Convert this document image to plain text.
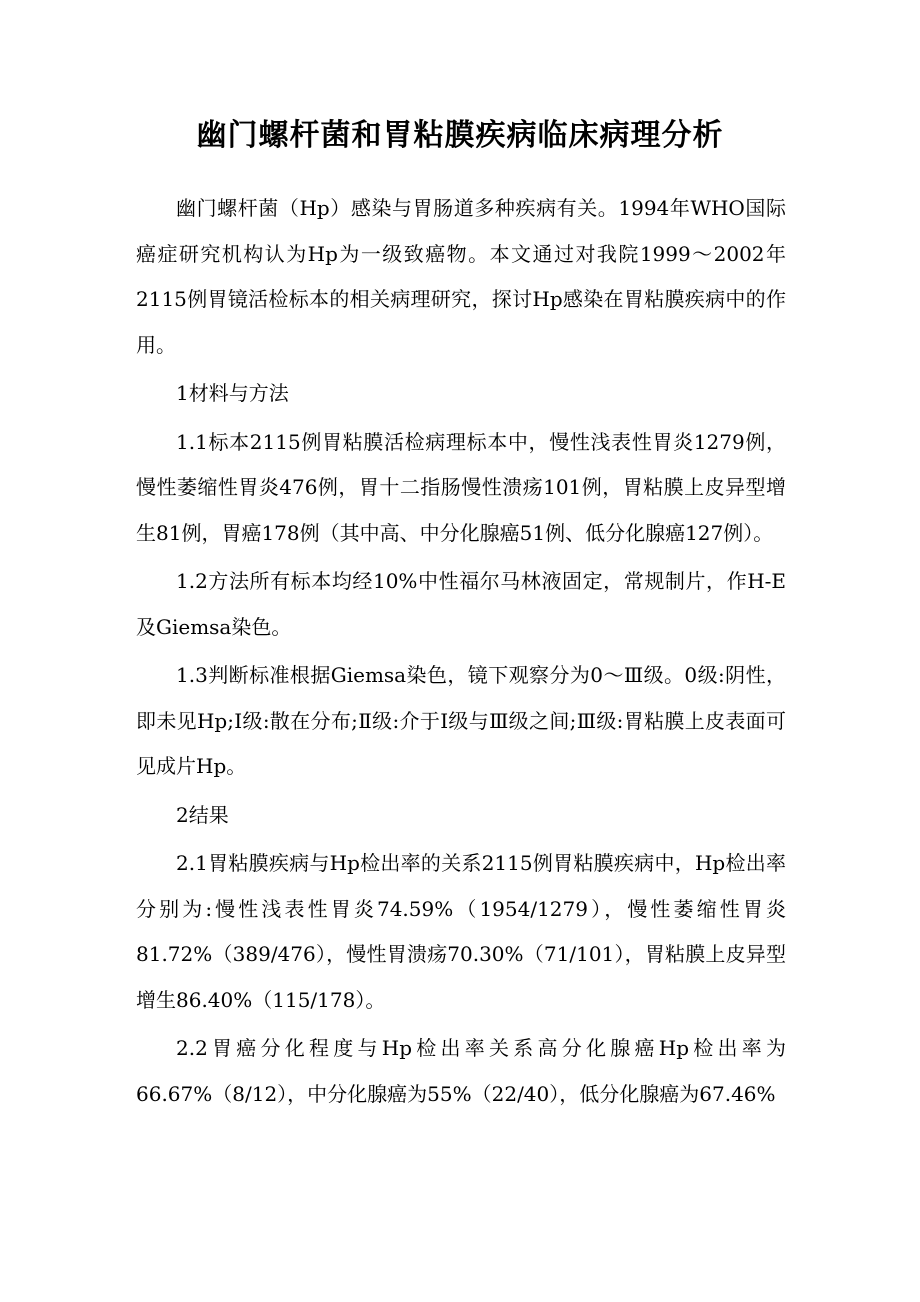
幽门螺杆菌和胃粘膜疾病临床病理分析

幽门螺杆菌（Hp）感染与胃肠道多种疾病有关。1994年WHO国际癌症研究机构认为Hp为一级致癌物。本文通过对我院1999～2002年2115例胃镜活检标本的相关病理研究，探讨Hp感染在胃粘膜疾病中的作用。

1材料与方法

1.1标本2115例胃粘膜活检病理标本中，慢性浅表性胃炎1279例，慢性萎缩性胃炎476例，胃十二指肠慢性溃疡101例，胃粘膜上皮异型增生81例，胃癌178例（其中高、中分化腺癌51例、低分化腺癌127例）。

1.2方法所有标本均经10%中性福尔马林液固定，常规制片，作H-E及Giemsa染色。

1.3判断标准根据Giemsa染色，镜下观察分为0～Ⅲ级。0级:阴性，即未见Hp;Ⅰ级:散在分布;Ⅱ级:介于Ⅰ级与Ⅲ级之间;Ⅲ级:胃粘膜上皮表面可见成片Hp。

2结果

2.1胃粘膜疾病与Hp检出率的关系2115例胃粘膜疾病中，Hp检出率分别为:慢性浅表性胃炎74.59%（1954/1279），慢性萎缩性胃炎81.72%（389/476），慢性胃溃疡70.30%（71/101），胃粘膜上皮异型增生86.40%（115/178）。

2.2胃癌分化程度与Hp检出率关系高分化腺癌Hp检出率为66.67%（8/12），中分化腺癌为55%（22/40），低分化腺癌为67.46%
